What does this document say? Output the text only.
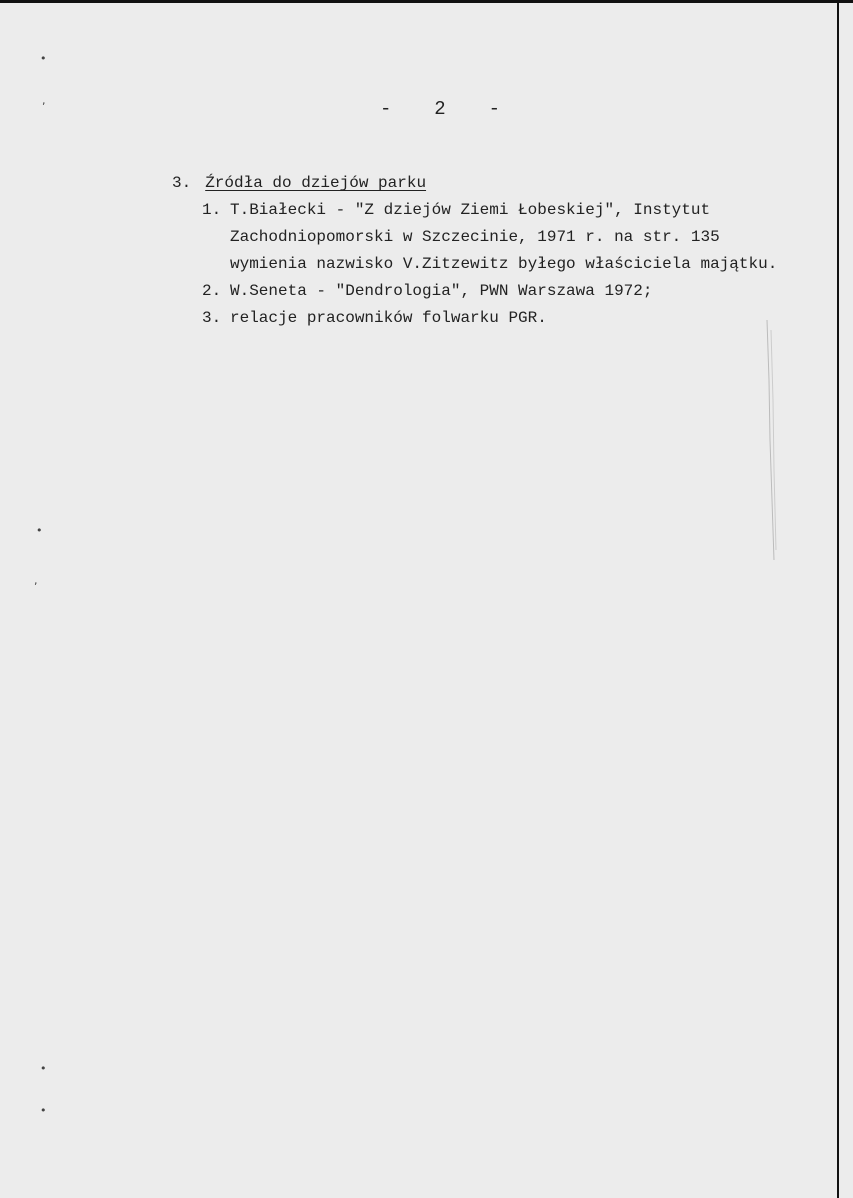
•
,
•
,
•
•
- 2 -
3. Źródła do dziejów parku
1. T.Białecki - "Z dziejów Ziemi Łobeskiej", Instytut
Zachodniopomorski w Szczecinie, 1971 r. na str. 135
wymienia nazwisko V.Zitzewitz byłego właściciela majątku.
2. W.Seneta - "Dendrologia", PWN Warszawa 1972;
3. relacje pracowników folwarku PGR.
